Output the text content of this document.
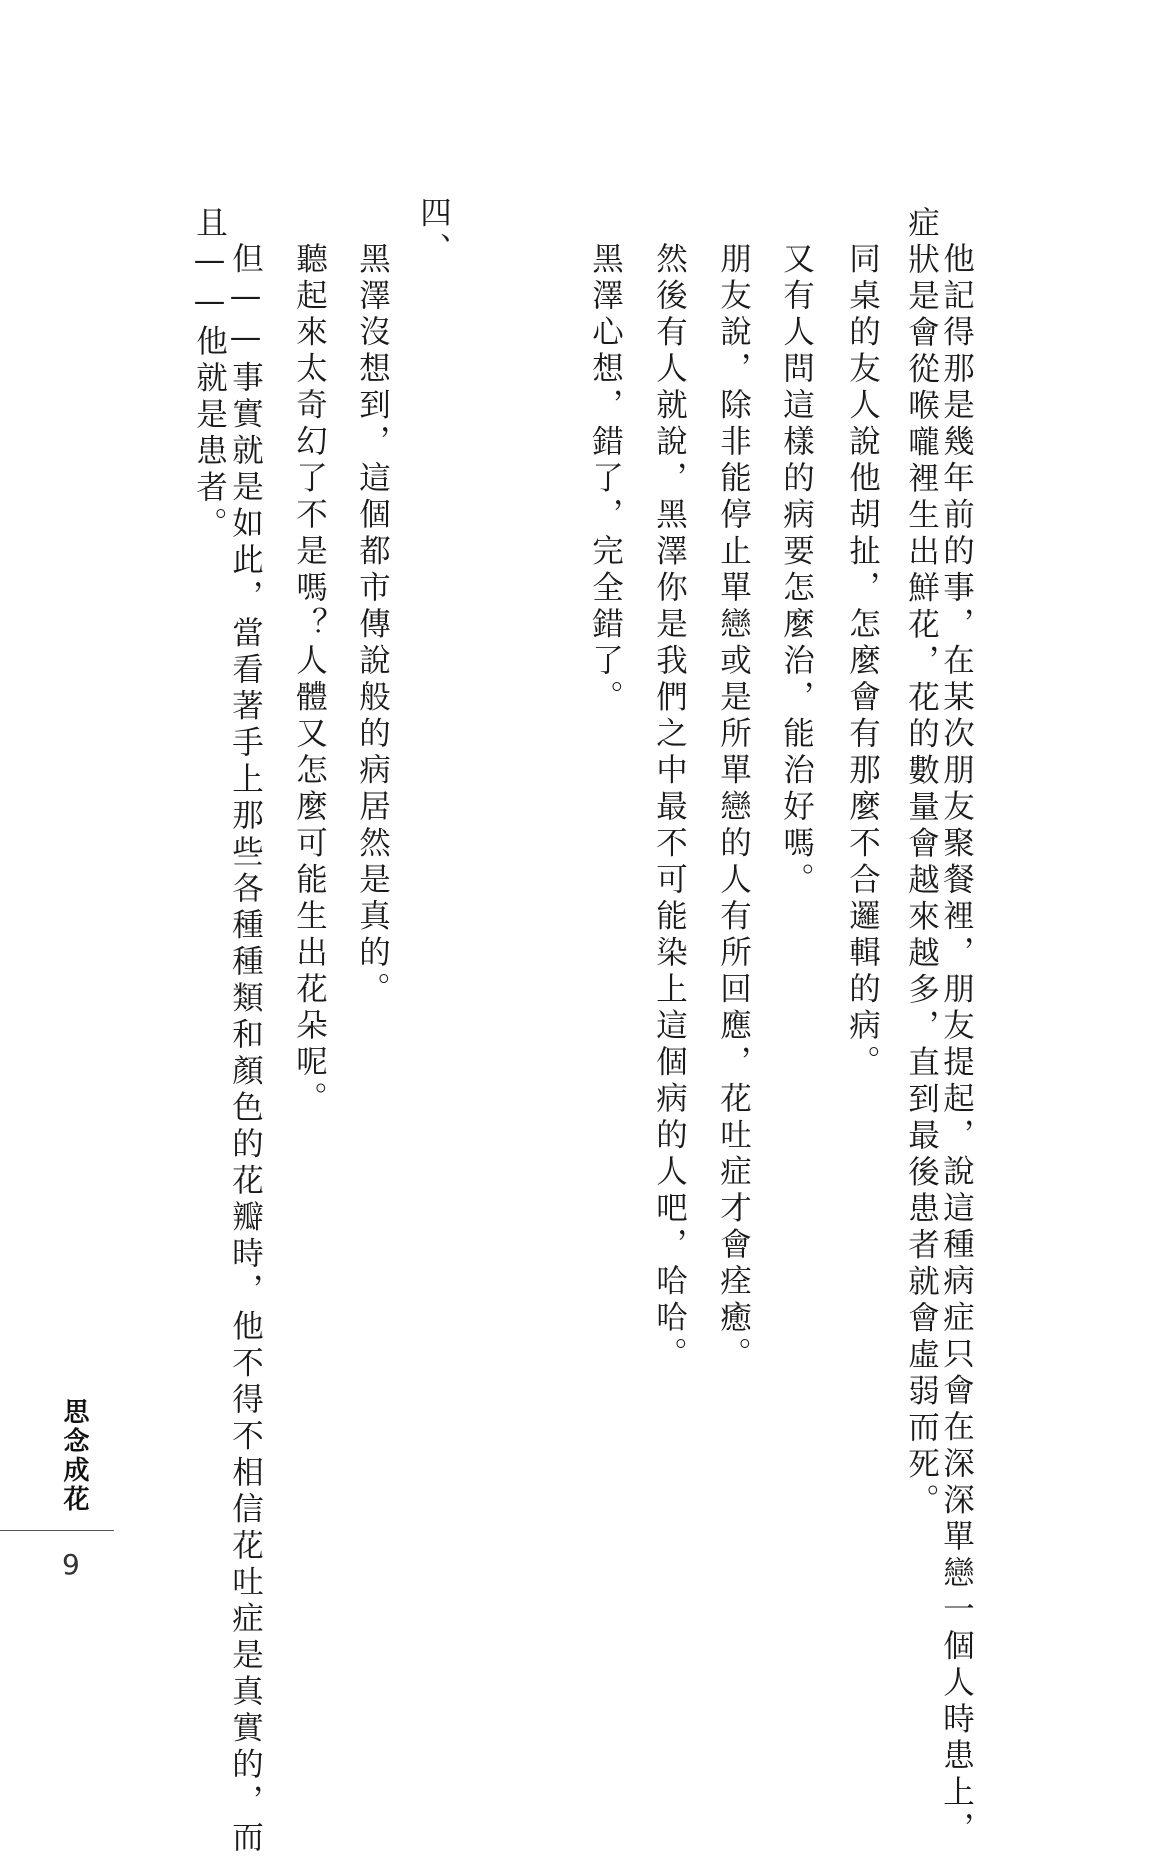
他記得那是幾年前的事，在某次朋友聚餐裡，朋友提起，說這種病症只會在深深單戀一個人時患上，

症狀是會從喉嚨裡生出鮮花，花的數量會越來越多，直到最後患者就會虛弱而死。

同桌的友人說他胡扯，怎麼會有那麼不合邏輯的病。

又有人問這樣的病要怎麼治，能治好嗎。

朋友說，除非能停止單戀或是所單戀的人有所回應，花吐症才會痊癒。

然後有人就說，黑澤你是我們之中最不可能染上這個病的人吧，哈哈。

黑澤心想，錯了，完全錯了。

四、

黑澤沒想到，這個都市傳說般的病居然是真的。

聽起來太奇幻了不是嗎？人體又怎麼可能生出花朵呢。

但——事實就是如此，當看著手上那些各種種類和顏色的花瓣時，他不得不相信花吐症是真實的，而

且——他就是患者。

思念成花
9
